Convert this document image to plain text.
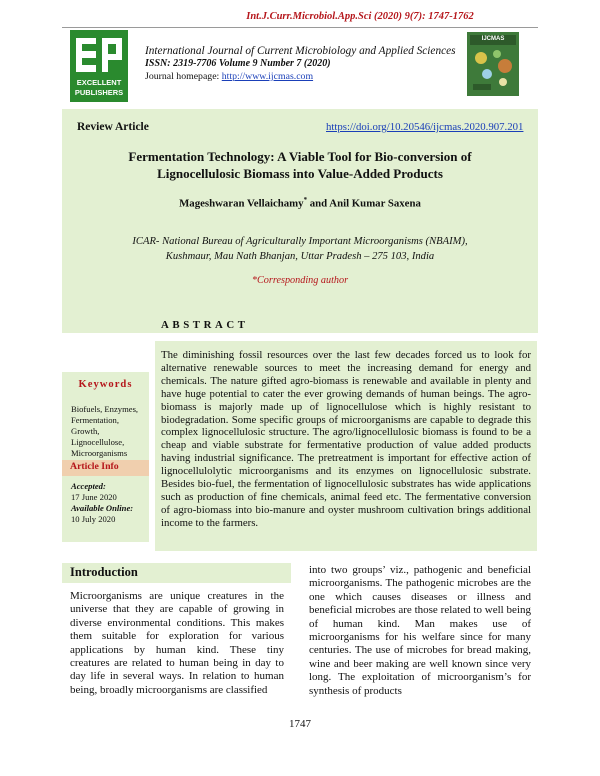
Int.J.Curr.Microbiol.App.Sci (2020) 9(7): 1747-1762
EXCELLENT
PUBLISHERS
International Journal of Current Microbiology and Applied Sciences
ISSN: 2319-7706 Volume 9 Number 7 (2020)
Journal homepage: http://www.ijcmas.com
IJCMAS
Review Article	https://doi.org/10.20546/ijcmas.2020.907.201
Fermentation Technology: A Viable Tool for Bio-conversion of
Lignocellulosic Biomass into Value-Added Products
Mageshwaran Vellaichamy* and Anil Kumar Saxena
ICAR- National Bureau of Agriculturally Important Microorganisms (NBAIM),
Kushmaur, Mau Nath Bhanjan, Uttar Pradesh – 275 103, India
*Corresponding author
ABSTRACT
Keywords
Biofuels, Enzymes,
Fermentation,
Growth,
Lignocellulose,
Microorganisms
Article Info
Accepted:
17 June 2020
Available Online:
10 July 2020
The diminishing fossil resources over the last few decades forced us to look for alternative renewable sources to meet the increasing demand for energy and chemicals. The nature gifted agro-biomass is renewable and available in plenty and have huge potential to cater the ever growing demands of human beings. The agro-biomass is majorly made up of lignocellulose which is highly resistant to biodegradation. Some specific groups of microorganisms are capable to degrade this complex lignocellulosic structure. The agro/lignocellulosic biomass is found to be a cheap and viable substrate for fermentative production of value added products having industrial significance. The pretreatment is important for effective action of lignocellulolytic microorganisms and its enzymes on lignocellulosic substrate. Besides bio-fuel, the fermentation of lignocellulosic substrates has wide applications such as production of fine chemicals, animal feed etc. The fermentative conversion of agro-biomass into bio-manure and oyster mushroom cultivation brings additional income to the farmers.
Introduction
Microorganisms are unique creatures in the universe that they are capable of growing in diverse environmental conditions. This makes them suitable for exploration for various applications by human kind. These tiny creatures are related to human being in day to day life in several ways. In relation to human being, broadly microorganisms are classified
into two groups’ viz., pathogenic and beneficial microorganisms. The pathogenic microbes are the one which causes diseases or illness and beneficial microbes are those related to well being of human kind. Man makes use of microorganisms for his welfare since for many centuries. The use of microbes for bread making, wine and beer making are well known since very long. The exploitation of microorganism’s for synthesis of products
1747
